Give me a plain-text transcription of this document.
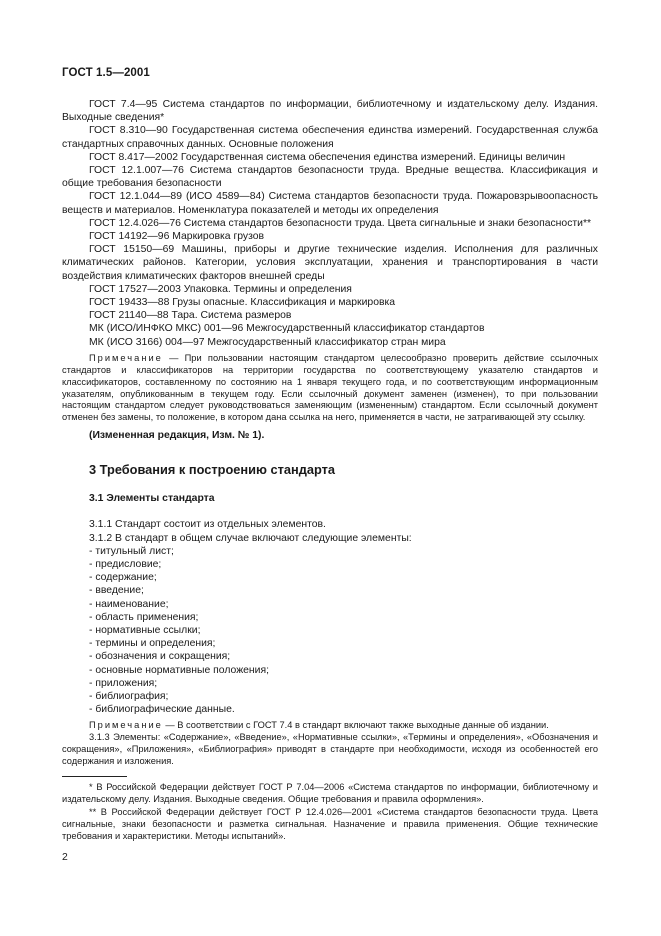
ГОСТ 1.5—2001

ГОСТ 7.4—95 Система стандартов по информации, библиотечному и издательскому делу. Издания. Выходные сведения*

ГОСТ 8.310—90 Государственная система обеспечения единства измерений. Государственная служба стандартных справочных данных. Основные положения

ГОСТ 8.417—2002 Государственная система обеспечения единства измерений. Единицы величин

ГОСТ 12.1.007—76 Система стандартов безопасности труда. Вредные вещества. Классификация и общие требования безопасности

ГОСТ 12.1.044—89 (ИСО 4589—84) Система стандартов безопасности труда. Пожаровзрывоопасность веществ и материалов. Номенклатура показателей и методы их определения

ГОСТ 12.4.026—76 Система стандартов безопасности труда. Цвета сигнальные и знаки безопасности**

ГОСТ 14192—96 Маркировка грузов

ГОСТ 15150—69 Машины, приборы и другие технические изделия. Исполнения для различных климатических районов. Категории, условия эксплуатации, хранения и транспортирования в части воздействия климатических факторов внешней среды

ГОСТ 17527—2003 Упаковка. Термины и определения

ГОСТ 19433—88 Грузы опасные. Классификация и маркировка

ГОСТ 21140—88 Тара. Система размеров

МК (ИСО/ИНФКО МКС) 001—96 Межгосударственный классификатор стандартов

МК (ИСО 3166) 004—97 Межгосударственный классификатор стран мира

Примечание — При пользовании настоящим стандартом целесообразно проверить действие ссылочных стандартов и классификаторов на территории государства по соответствующему указателю стандартов и классификаторов, составленному по состоянию на 1 января текущего года, и по соответствующим информационным указателям, опубликованным в текущем году. Если ссылочный документ заменен (изменен), то при пользовании настоящим стандартом следует руководствоваться заменяющим (измененным) стандартом. Если ссылочный документ отменен без замены, то положение, в котором дана ссылка на него, применяется в части, не затрагивающей эту ссылку.

(Измененная редакция, Изм. № 1).

3 Требования к построению стандарта

3.1 Элементы стандарта

3.1.1 Стандарт состоит из отдельных элементов.

3.1.2 В стандарт в общем случае включают следующие элементы:

- титульный лист;

- предисловие;

- содержание;

- введение;

- наименование;

- область применения;

- нормативные ссылки;

- термины и определения;

- обозначения и сокращения;

- основные нормативные положения;

- приложения;

- библиография;

- библиографические данные.

Примечание — В соответствии с ГОСТ 7.4 в стандарт включают также выходные данные об издании.

3.1.3 Элементы: «Содержание», «Введение», «Нормативные ссылки», «Термины и определения», «Обозначения и сокращения», «Приложения», «Библиография» приводят в стандарте при необходимости, исходя из особенностей его содержания и изложения.

* В Российской Федерации действует ГОСТ Р 7.04—2006 «Система стандартов по информации, библиотечному и издательскому делу. Издания. Выходные сведения. Общие требования и правила оформления».

** В Российской Федерации действует ГОСТ Р 12.4.026—2001 «Система стандартов безопасности труда. Цвета сигнальные, знаки безопасности и разметка сигнальная. Назначение и правила применения. Общие технические требования и характеристики. Методы испытаний».

2
